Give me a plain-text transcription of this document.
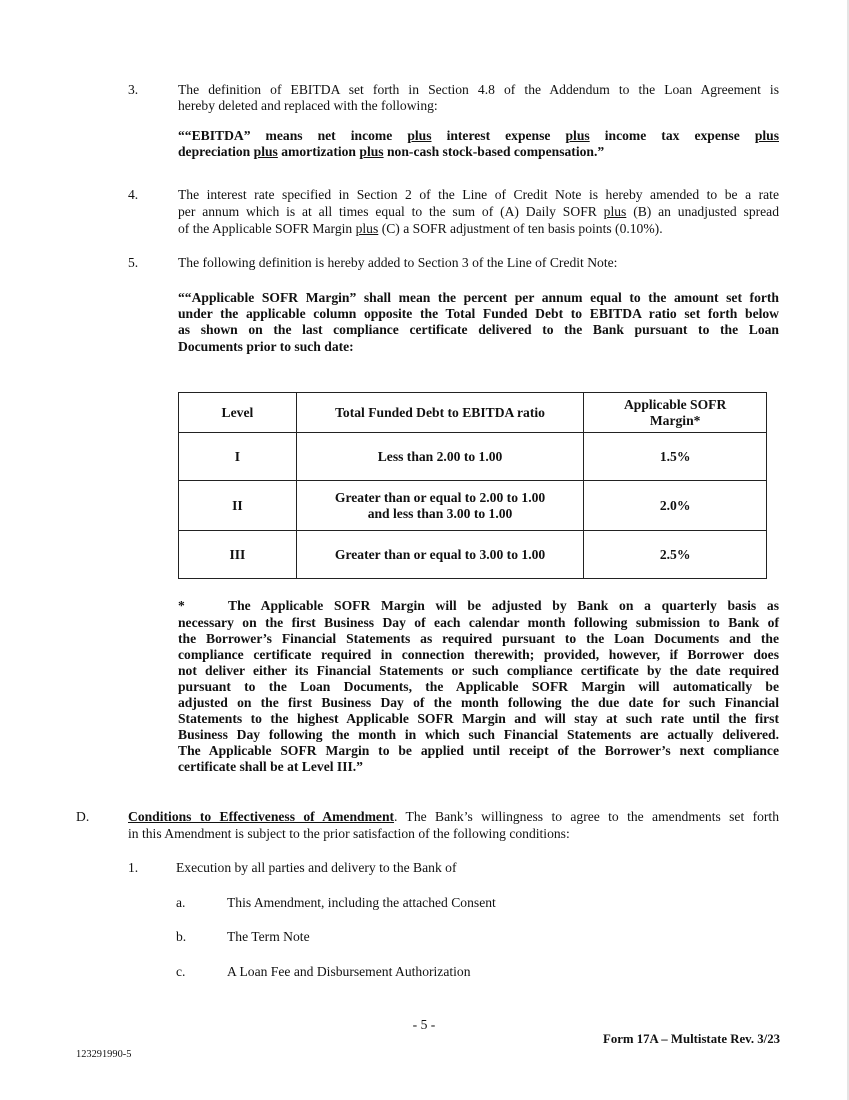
3.	The definition of EBITDA set forth in Section 4.8 of the Addendum to the Loan Agreement is
hereby deleted and replaced with the following:
““EBITDA” means net income plus interest expense plus income tax expense plus
depreciation plus amortization plus non-cash stock-based compensation.”
4.	The interest rate specified in Section 2 of the Line of Credit Note is hereby amended to be a rate
per annum which is at all times equal to the sum of (A) Daily SOFR plus (B) an unadjusted spread
of the Applicable SOFR Margin plus (C) a SOFR adjustment of ten basis points (0.10%).
5.	The following definition is hereby added to Section 3 of the Line of Credit Note:
““Applicable SOFR Margin” shall mean the percent per annum equal to the amount set forth
under the applicable column opposite the Total Funded Debt to EBITDA ratio set forth below
as shown on the last compliance certificate delivered to the Bank pursuant to the Loan
Documents prior to such date:
Level	Total Funded Debt to EBITDA ratio	Applicable SOFR
Margin*
I	Less than 2.00 to 1.00	1.5%
II	Greater than or equal to 2.00 to 1.00
and less than 3.00 to 1.00	2.0%
III	Greater than or equal to 3.00 to 1.00	2.5%
*	The Applicable SOFR Margin will be adjusted by Bank on a quarterly basis as
necessary on the first Business Day of each calendar month following submission to Bank of
the Borrower’s Financial Statements as required pursuant to the Loan Documents and the
compliance certificate required in connection therewith; provided, however, if Borrower does
not deliver either its Financial Statements or such compliance certificate by the date required
pursuant to the Loan Documents, the Applicable SOFR Margin will automatically be
adjusted on the first Business Day of the month following the due date for such Financial
Statements to the highest Applicable SOFR Margin and will stay at such rate until the first
Business Day following the month in which such Financial Statements are actually delivered.
The Applicable SOFR Margin to be applied until receipt of the Borrower’s next compliance
certificate shall be at Level III.”
D.	Conditions to Effectiveness of Amendment. The Bank’s willingness to agree to the amendments set forth
in this Amendment is subject to the prior satisfaction of the following conditions:
1.	Execution by all parties and delivery to the Bank of
a.	This Amendment, including the attached Consent
b.	The Term Note
c.	A Loan Fee and Disbursement Authorization
- 5 -
Form 17A – Multistate Rev. 3/23
123291990-5
